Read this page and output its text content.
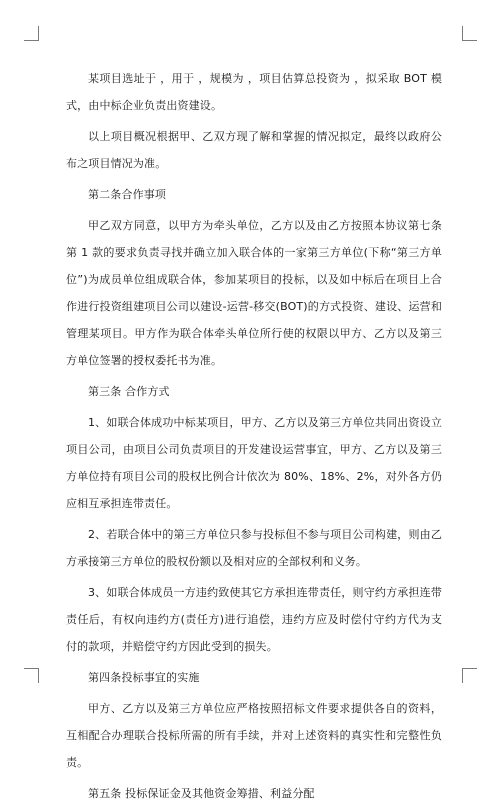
某项目选址于 ，用于 ，规模为 ，项目估算总投资为 ，拟采取 BOT 模式，由中标企业负责出资建设。

以上项目概况根据甲、乙双方现了解和掌握的情况拟定，最终以政府公布之项目情况为准。

第二条合作事项

甲乙双方同意，以甲方为牵头单位，乙方以及由乙方按照本协议第七条第 1 款的要求负责寻找并确立加入联合体的一家第三方单位(下称“第三方单位”)为成员单位组成联合体，参加某项目的投标，以及如中标后在项目上合作进行投资组建项目公司以建设-运营-移交(BOT)的方式投资、建设、运营和管理某项目。甲方作为联合体牵头单位所行使的权限以甲方、乙方以及第三方单位签署的授权委托书为准。

第三条 合作方式

1、如联合体成功中标某项目，甲方、乙方以及第三方单位共同出资设立项目公司，由项目公司负责项目的开发建设运营事宜，甲方、乙方以及第三方单位持有项目公司的股权比例合计依次为 80%、18%、2%，对外各方仍应相互承担连带责任。

2、若联合体中的第三方单位只参与投标但不参与项目公司构建，则由乙方承接第三方单位的股权份额以及相对应的全部权利和义务。

3、如联合体成员一方违约致使其它方承担连带责任，则守约方承担连带责任后，有权向违约方(责任方)进行追偿，违约方应及时偿付守约方代为支付的款项，并赔偿守约方因此受到的损失。

第四条投标事宜的实施

甲方、乙方以及第三方单位应严格按照招标文件要求提供各自的资料，互相配合办理联合投标所需的所有手续，并对上述资料的真实性和完整性负责。

第五条 投标保证金及其他资金筹措、利益分配
